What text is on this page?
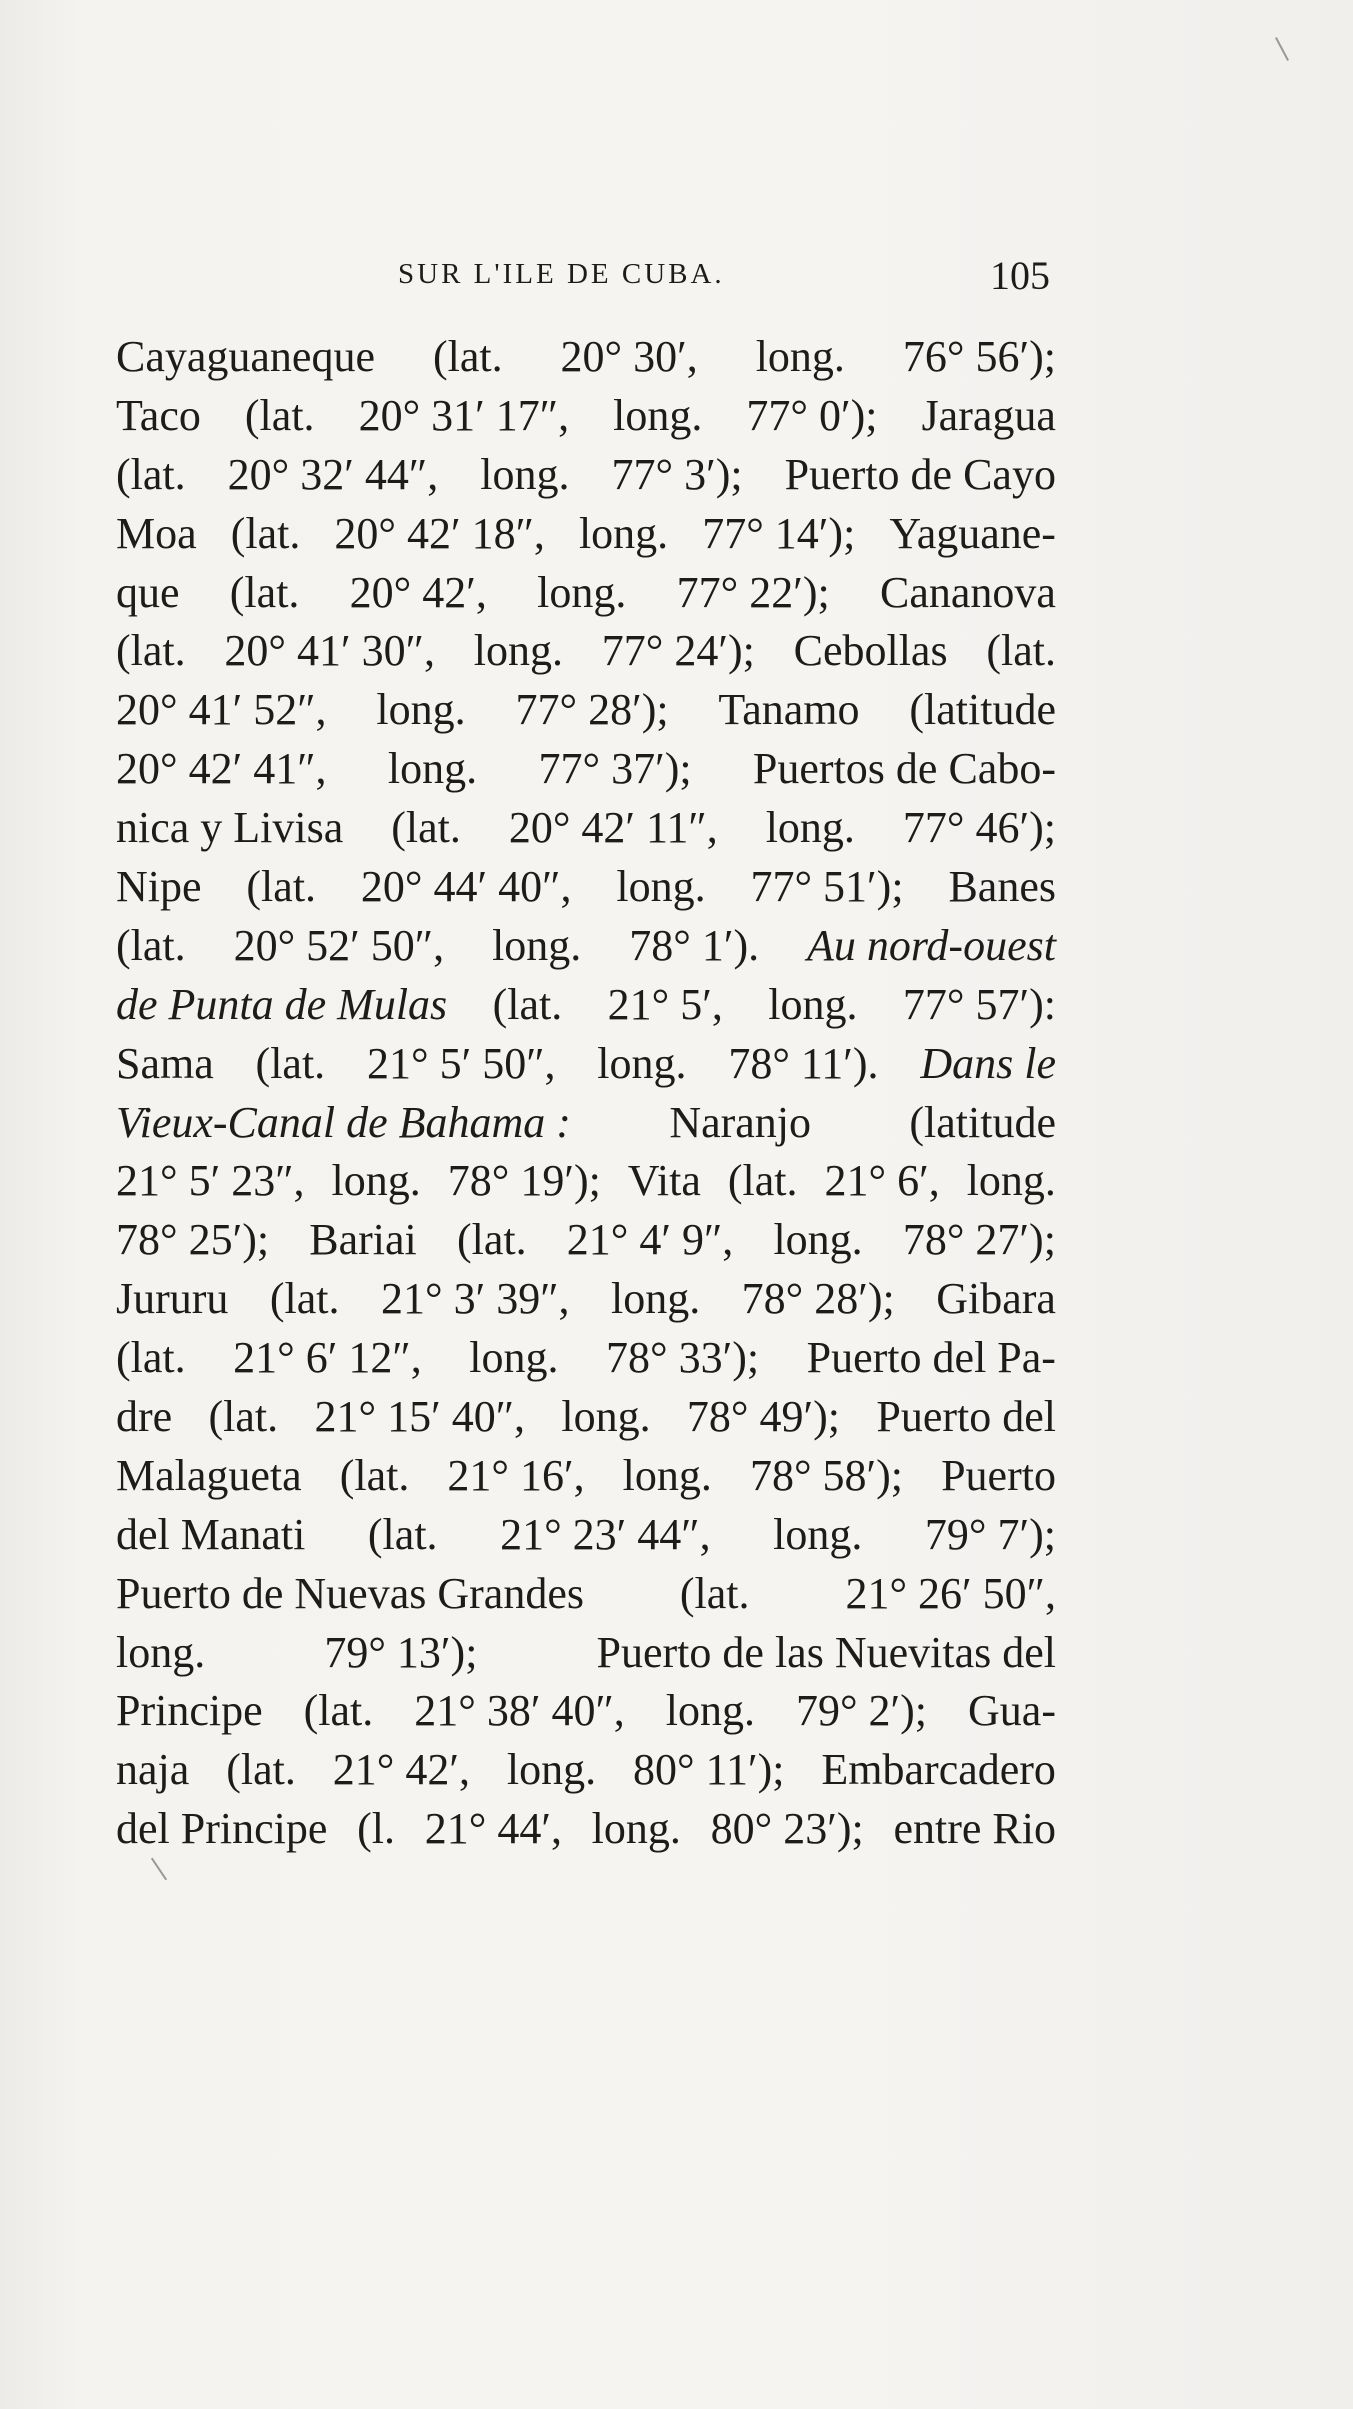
SUR L'ILE DE CUBA.	105
Cayaguaneque (lat. 20° 30′, long. 76° 56′);
Taco (lat. 20° 31′ 17″, long. 77° 0′); Jaragua
(lat. 20° 32′ 44″, long. 77° 3′); Puerto de Cayo
Moa (lat. 20° 42′ 18″, long. 77° 14′); Yaguane-
que (lat. 20° 42′, long. 77° 22′); Cananova
(lat. 20° 41′ 30″, long. 77° 24′); Cebollas (lat.
20° 41′ 52″, long. 77° 28′); Tanamo (latitude
20° 42′ 41″, long. 77° 37′); Puertos de Cabo-
nica y Livisa (lat. 20° 42′ 11″, long. 77° 46′);
Nipe (lat. 20° 44′ 40″, long. 77° 51′); Banes
(lat. 20° 52′ 50″, long. 78° 1′). Au nord-ouest
de Punta de Mulas (lat. 21° 5′, long. 77° 57′):
Sama (lat. 21° 5′ 50″, long. 78° 11′). Dans le
Vieux-Canal de Bahama : Naranjo (latitude
21° 5′ 23″, long. 78° 19′); Vita (lat. 21° 6′, long.
78° 25′); Bariai (lat. 21° 4′ 9″, long. 78° 27′);
Jururu (lat. 21° 3′ 39″, long. 78° 28′); Gibara
(lat. 21° 6′ 12″, long. 78° 33′); Puerto del Pa-
dre (lat. 21° 15′ 40″, long. 78° 49′); Puerto del
Malagueta (lat. 21° 16′, long. 78° 58′); Puerto
del Manati (lat. 21° 23′ 44″, long. 79° 7′);
Puerto de Nuevas Grandes (lat. 21° 26′ 50″,
long.	79° 13′);	Puerto de las Nuevitas del
Principe (lat. 21° 38′ 40″, long. 79° 2′); Gua-
naja (lat. 21° 42′, long. 80° 11′); Embarcadero
del Principe (l. 21° 44′, long. 80° 23′); entre Rio
